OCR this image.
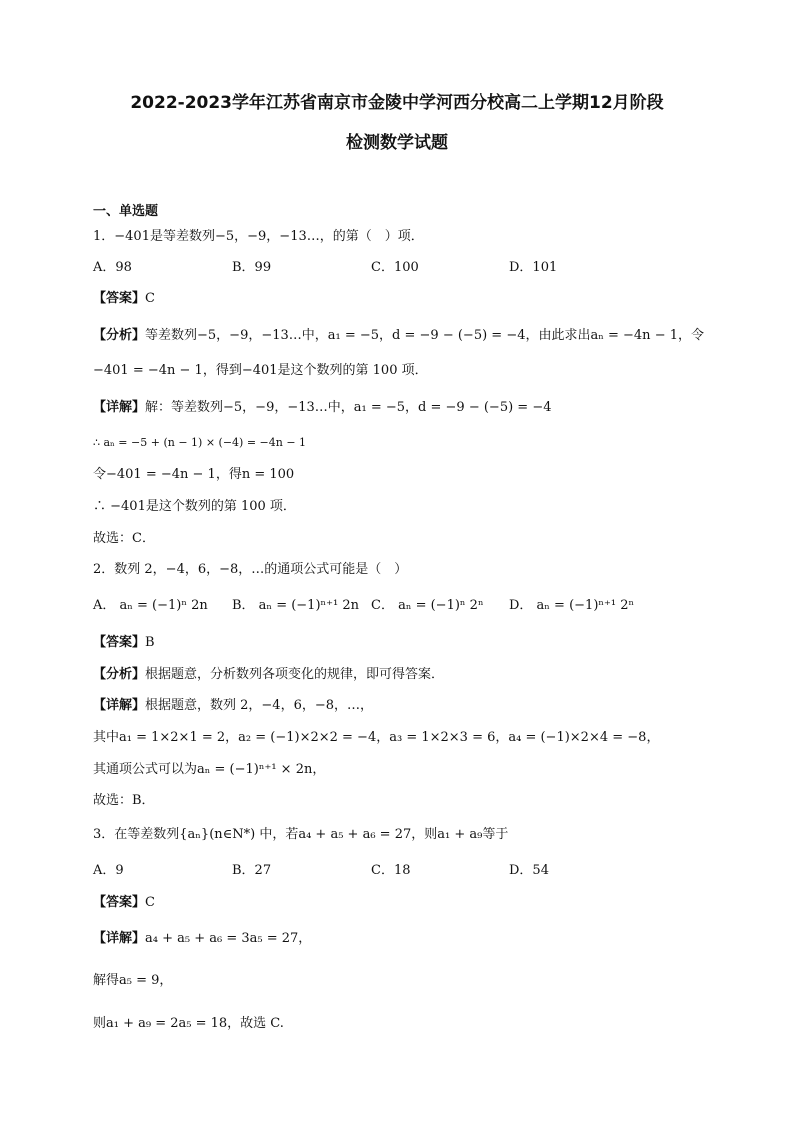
2022-2023学年江苏省南京市金陵中学河西分校高二上学期12月阶段
检测数学试题
一、单选题
1．−401是等差数列−5，−9，−13…，的第（　）项．
A．98	B．99	C．100	D．101
【答案】C
【分析】等差数列−5，−9，−13…中，a₁ = −5，d = −9 − (−5) = −4，由此求出aₙ = −4n − 1，令
−401 = −4n − 1，得到−401是这个数列的第 100 项．
【详解】解：等差数列−5，−9，−13…中，a₁ = −5，d = −9 − (−5) = −4
∴ aₙ = −5 + (n − 1) × (−4) = −4n − 1
令−401 = −4n − 1，得n = 100
∴ −401是这个数列的第 100 项．
故选：C．
2．数列 2，−4，6，−8，…的通项公式可能是（　）
A． aₙ = (−1)ⁿ 2n B． aₙ = (−1)ⁿ⁺¹ 2n C． aₙ = (−1)ⁿ 2ⁿ D． aₙ = (−1)ⁿ⁺¹ 2ⁿ
【答案】B
【分析】根据题意，分析数列各项变化的规律，即可得答案．
【详解】根据题意，数列 2，−4，6，−8，…，
其中a₁ = 1×2×1 = 2，a₂ = (−1)×2×2 = −4，a₃ = 1×2×3 = 6，a₄ = (−1)×2×4 = −8，
其通项公式可以为aₙ = (−1)ⁿ⁺¹ × 2n，
故选：B．
3．在等差数列{aₙ}(n∈N*) 中，若a₄ + a₅ + a₆ = 27，则a₁ + a₉等于
A．9	B．27	C．18	D．54
【答案】C
【详解】a₄ + a₅ + a₆ = 3a₅ = 27，
解得a₅ = 9，
则a₁ + a₉ = 2a₅ = 18，故选 C.
